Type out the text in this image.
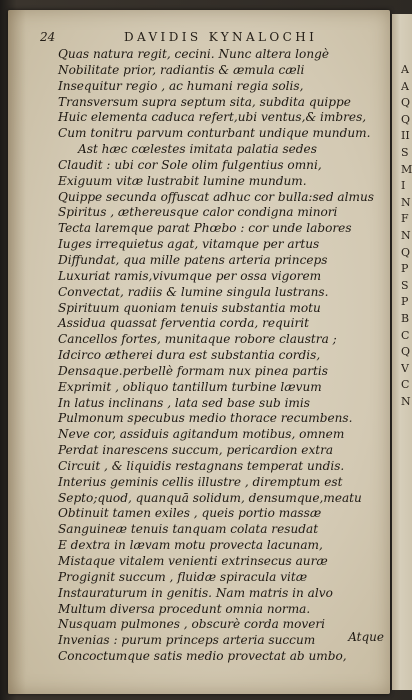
A
A
Q
Q
II
S
M
I
N
F
N
Q
P
S
P
B
C
Q
V
C
N
24	DAVIDIS KYNALOCHI
Quas natura regit, cecini. Nunc altera longè
Nobilitate prior, radiantis & æmula cæli
Insequitur regio , ac humani regia solis,
Transversum supra septum sita, subdita quippe
Huic elementa caduca refert,ubi ventus,& imbres,
Cum tonitru parvum conturbant undique mundum.
Ast hæc cœlestes imitata palatia sedes
Claudit : ubi cor Sole olim fulgentius omni,
Exiguum vitæ lustrabit lumine mundum.
Quippe secunda offuscat adhuc cor bulla:sed almus
Spiritus , æthereusque calor condigna minori
Tecta laremque parat Phœbo : cor unde labores
Iuges irrequietus agat, vitamque per artus
Diffundat, qua mille patens arteria princeps
Luxuriat ramis,vivumque per ossa vigorem
Convectat, radiis & lumine singula lustrans.
Spirituum quoniam tenuis substantia motu
Assidua quassat ferventia corda, requirit
Cancellos fortes, munitaque robore claustra ;
Idcirco ætherei dura est substantia cordis,
Densaque.perbellè formam nux pinea partis
Exprimit , obliquo tantillum turbine lævum
In latus inclinans , lata sed base sub imis
Pulmonum specubus medio thorace recumbens.
Neve cor, assiduis agitandum motibus, omnem
Perdat inarescens succum, pericardion extra
Circuit , & liquidis restagnans temperat undis.
Interius geminis cellis illustre , diremptum est
Septo;quod, quanquā solidum, densumque,meatu
Obtinuit tamen exiles , queis portio massæ
Sanguineæ tenuis tanquam colata resudat
E dextra in lævam motu provecta lacunam,
Mistaque vitalem venienti extrinsecus auræ
Progignit succum , fluidæ spiracula vitæ
Instauraturum in genitis. Nam matris in alvo
Multum diversa procedunt omnia norma.
Nusquam pulmones , obscurè corda moveri
Invenias : purum princeps arteria succum
Concoctumque satis medio provectat ab umbo,
Atque
